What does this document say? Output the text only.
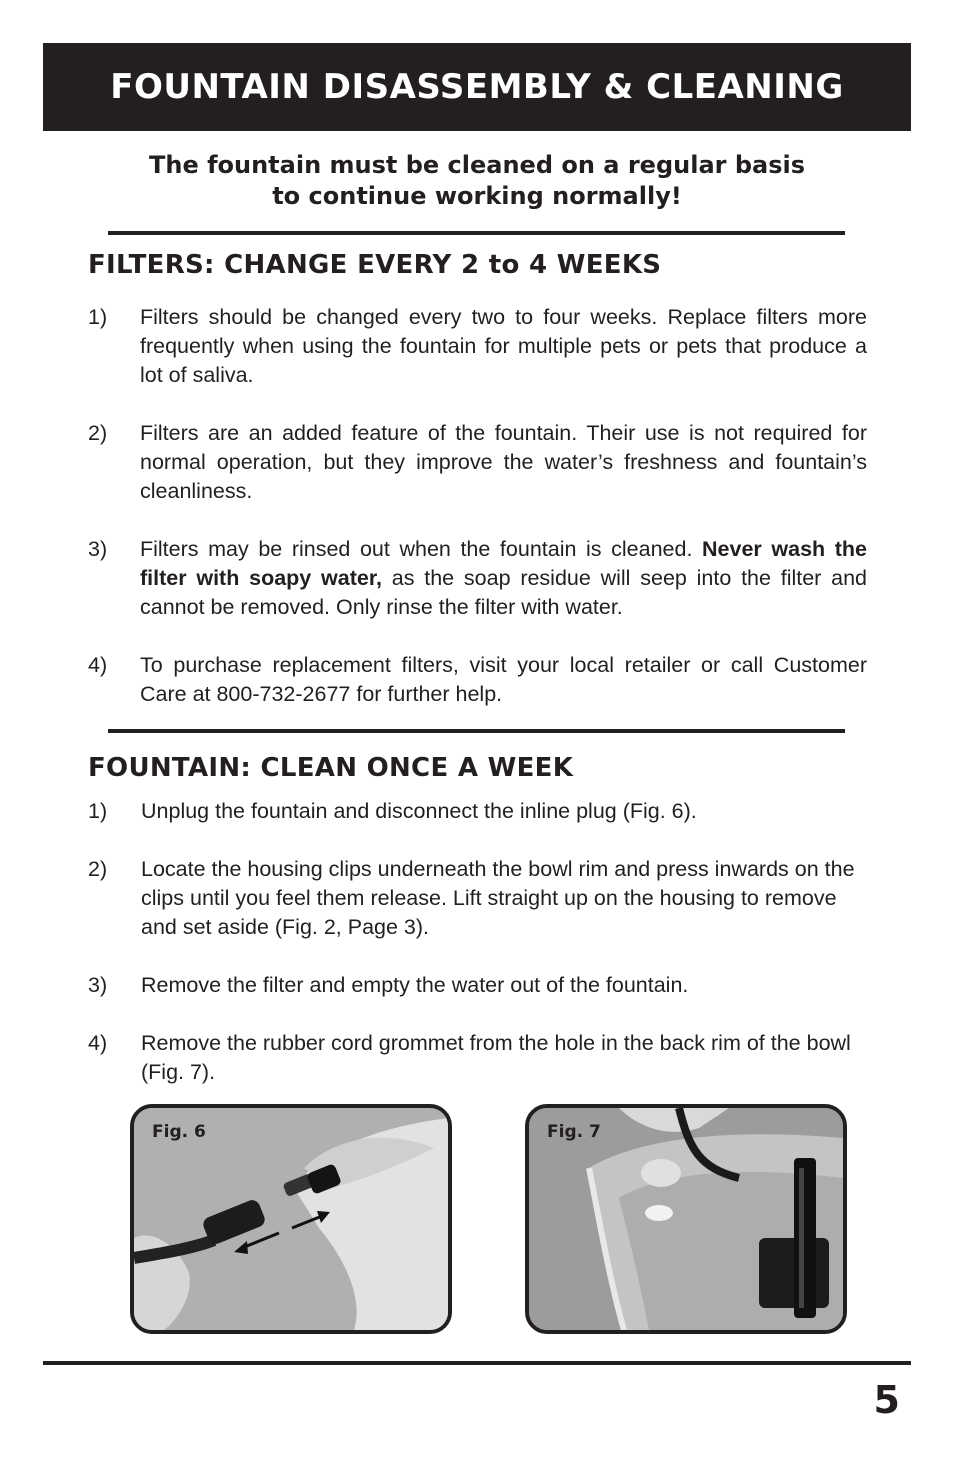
FOUNTAIN DISASSEMBLY & CLEANING
The fountain must be cleaned on a regular basis
to continue working normally!
FILTERS: CHANGE EVERY 2 to 4 WEEKS
1) Filters should be changed every two to four weeks. Replace filters more frequently when using the fountain for multiple pets or pets that produce a lot of saliva.
2) Filters are an added feature of the fountain. Their use is not required for normal operation, but they improve the water’s freshness and fountain’s cleanliness.
3) Filters may be rinsed out when the fountain is cleaned. Never wash the filter with soapy water, as the soap residue will seep into the filter and cannot be removed. Only rinse the filter with water.
4) To purchase replacement filters, visit your local retailer or call Customer Care at 800-732-2677 for further help.
FOUNTAIN: CLEAN ONCE A WEEK
1) Unplug the fountain and disconnect the inline plug (Fig. 6).
2) Locate the housing clips underneath the bowl rim and press inwards on the clips until you feel them release. Lift straight up on the housing to remove and set aside (Fig. 2, Page 3).
3) Remove the filter and empty the water out of the fountain.
4) Remove the rubber cord grommet from the hole in the back rim of the bowl (Fig. 7).
Fig. 6	Fig. 7
5
